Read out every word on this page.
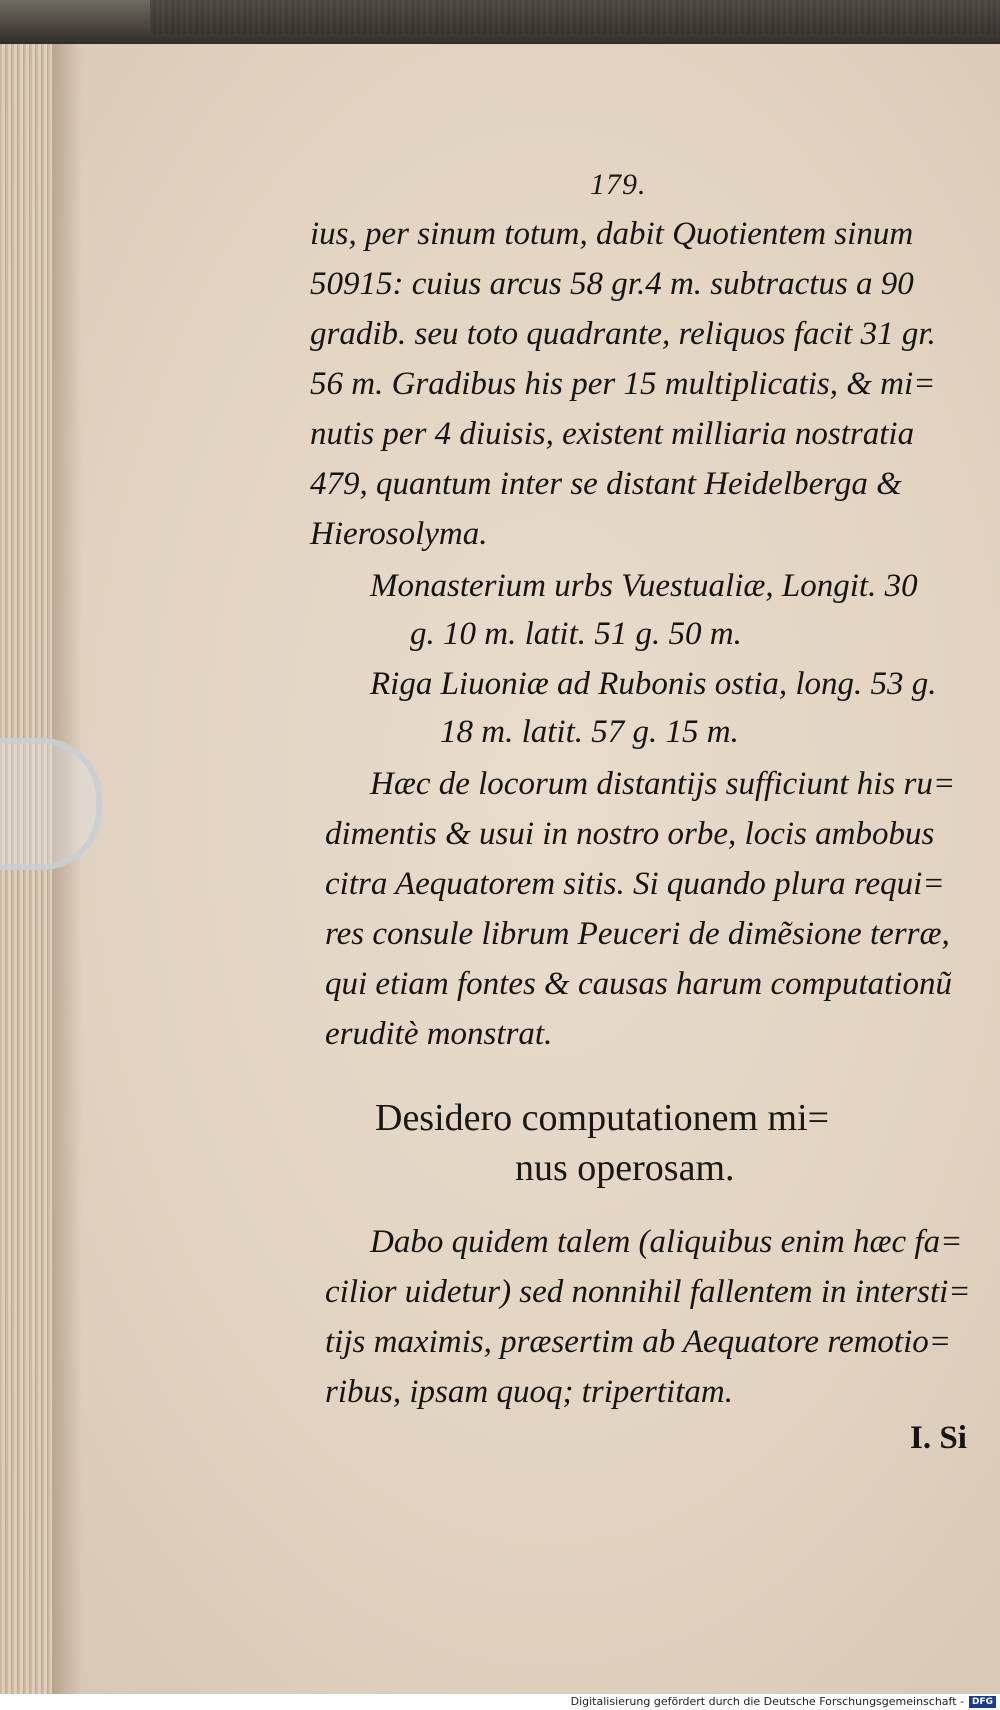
179.
ius, per sinum totum, dabit Quotientem sinum
50915: cuius arcus 58 gr.4 m. subtractus a 90
gradib. seu toto quadrante, reliquos facit 31 gr.
56 m. Gradibus his per 15 multiplicatis, & mi=
nutis per 4 diuisis, existent milliaria nostratia
479, quantum inter se distant Heidelberga &
Hierosolyma.
Monasterium urbs Vuestualiæ, Longit. 30
g. 10 m. latit. 51 g. 50 m.
Riga Liuoniæ ad Rubonis ostia, long. 53 g.
18 m. latit. 57 g. 15 m.
Hæc de locorum distantijs sufficiunt his ru=
dimentis & usui in nostro orbe, locis ambobus
citra Aequatorem sitis. Si quando plura requi=
res consule librum Peuceri de dimẽsione terræ,
qui etiam fontes & causas harum computationũ
eruditè monstrat.
Desidero computationem mi=
nus operosam.
Dabo quidem talem (aliquibus enim hæc fa=
cilior uidetur) sed nonnihil fallentem in intersti=
tijs maximis, præsertim ab Aequatore remotio=
ribus, ipsam quoq; tripertitam.
I. Si
Digitalisierung gefördert durch die Deutsche Forschungsgemeinschaft - DFG
